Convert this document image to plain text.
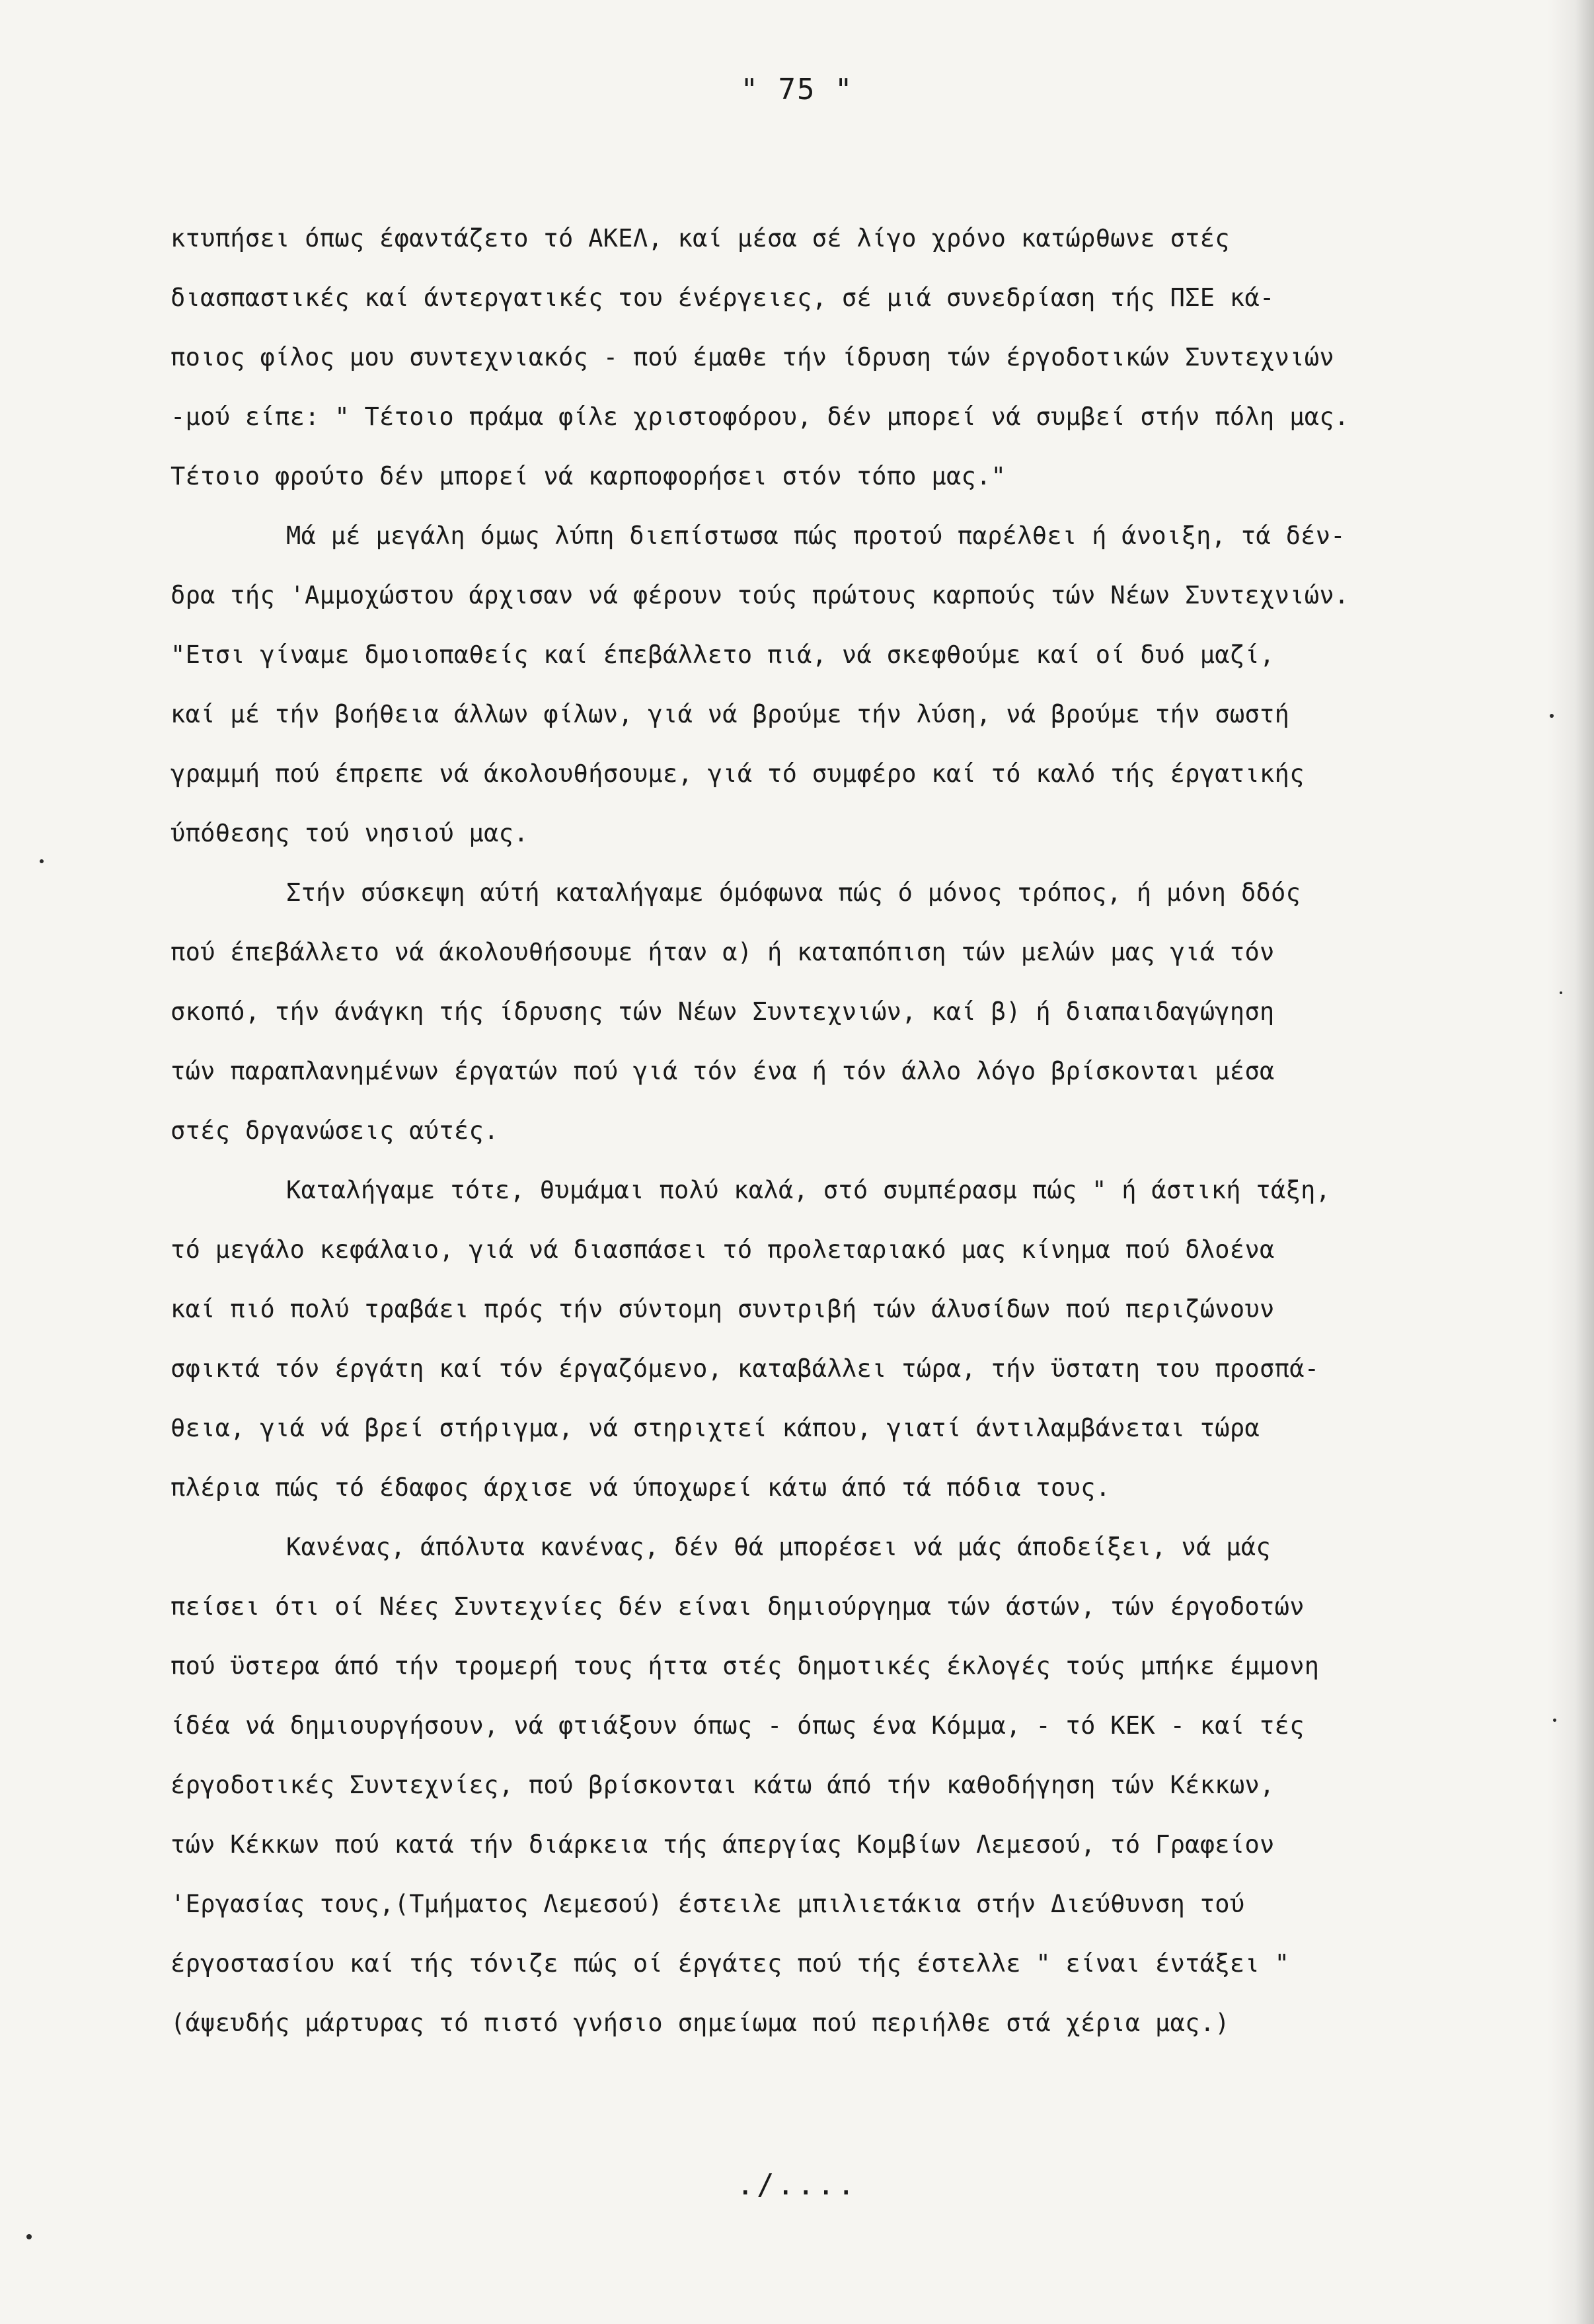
" 75 "
κτυπήσει όπως έφαντάζετο τό ΑΚΕΛ, καί μέσα σέ λίγο χρόνο κατώρθωνε στές
διασπαστικές καί άντεργατικές του ένέργειες, σέ μιά συνεδρίαση τής ΠΣΕ κά-
ποιος φίλος μου συντεχνιακός - πού έμαθε τήν ίδρυση τών έργοδοτικών Συντεχνιών
-μού είπε: " Τέτοιο πράμα φίλε χριστοφόρου, δέν μπορεί νά συμβεί στήν πόλη μας.
Τέτοιο φρούτο δέν μπορεί νά καρποφορήσει στόν τόπο μας."
Μά μέ μεγάλη όμως λύπη διεπίστωσα πώς προτού παρέλθει ή άνοιξη, τά δέν-
δρα τής 'Αμμοχώστου άρχισαν νά φέρουν τούς πρώτους καρπούς τών Νέων Συντεχνιών.
"Ετσι γίναμε δμοιοπαθείς καί έπεβάλλετο πιά, νά σκεφθούμε καί οί δυό μαζί,
καί μέ τήν βοήθεια άλλων φίλων, γιά νά βρούμε τήν λύση, νά βρούμε τήν σωστή
γραμμή πού έπρεπε νά άκολουθήσουμε, γιά τό συμφέρο καί τό καλό τής έργατικής
ύπόθεσης τού νησιού μας.
Στήν σύσκεψη αύτή καταλήγαμε όμόφωνα πώς ό μόνος τρόπος, ή μόνη δδός
πού έπεβάλλετο νά άκολουθήσουμε ήταν α) ή καταπόπιση τών μελών μας γιά τόν
σκοπό, τήν άνάγκη τής ίδρυσης τών Νέων Συντεχνιών, καί β) ή διαπαιδαγώγηση
τών παραπλανημένων έργατών πού γιά τόν ένα ή τόν άλλο λόγο βρίσκονται μέσα
στές δργανώσεις αύτές.
Καταλήγαμε τότε, θυμάμαι πολύ καλά, στό συμπέρασμ πώς " ή άστική τάξη,
τό μεγάλο κεφάλαιο, γιά νά διασπάσει τό προλεταριακό μας κίνημα πού δλοένα
καί πιό πολύ τραβάει πρός τήν σύντομη συντριβή τών άλυσίδων πού περιζώνουν
σφικτά τόν έργάτη καί τόν έργαζόμενο, καταβάλλει τώρα, τήν ϋστατη του προσπά-
θεια, γιά νά βρεί στήριγμα, νά στηριχτεί κάπου, γιατί άντιλαμβάνεται τώρα
πλέρια πώς τό έδαφος άρχισε νά ύποχωρεί κάτω άπό τά πόδια τους.
Κανένας, άπόλυτα κανένας, δέν θά μπορέσει νά μάς άποδείξει, νά μάς
πείσει ότι οί Νέες Συντεχνίες δέν είναι δημιούργημα τών άστών, τών έργοδοτών
πού ϋστερα άπό τήν τρομερή τους ήττα στές δημοτικές έκλογές τούς μπήκε έμμονη
ίδέα νά δημιουργήσουν, νά φτιάξουν όπως - όπως ένα Κόμμα, - τό ΚΕΚ - καί τές
έργοδοτικές Συντεχνίες, πού βρίσκονται κάτω άπό τήν καθοδήγηση τών Κέκκων,
τών Κέκκων πού κατά τήν διάρκεια τής άπεργίας Κομβίων Λεμεσού, τό Γραφείον
'Εργασίας τους,(Τμήματος Λεμεσού) έστειλε μπιλιετάκια στήν Διεύθυνση τού
έργοστασίου καί τής τόνιζε πώς οί έργάτες πού τής έστελλε " είναι έντάξει "
(άψευδής μάρτυρας τό πιστό γνήσιο σημείωμα πού περιήλθε στά χέρια μας.)
./....
